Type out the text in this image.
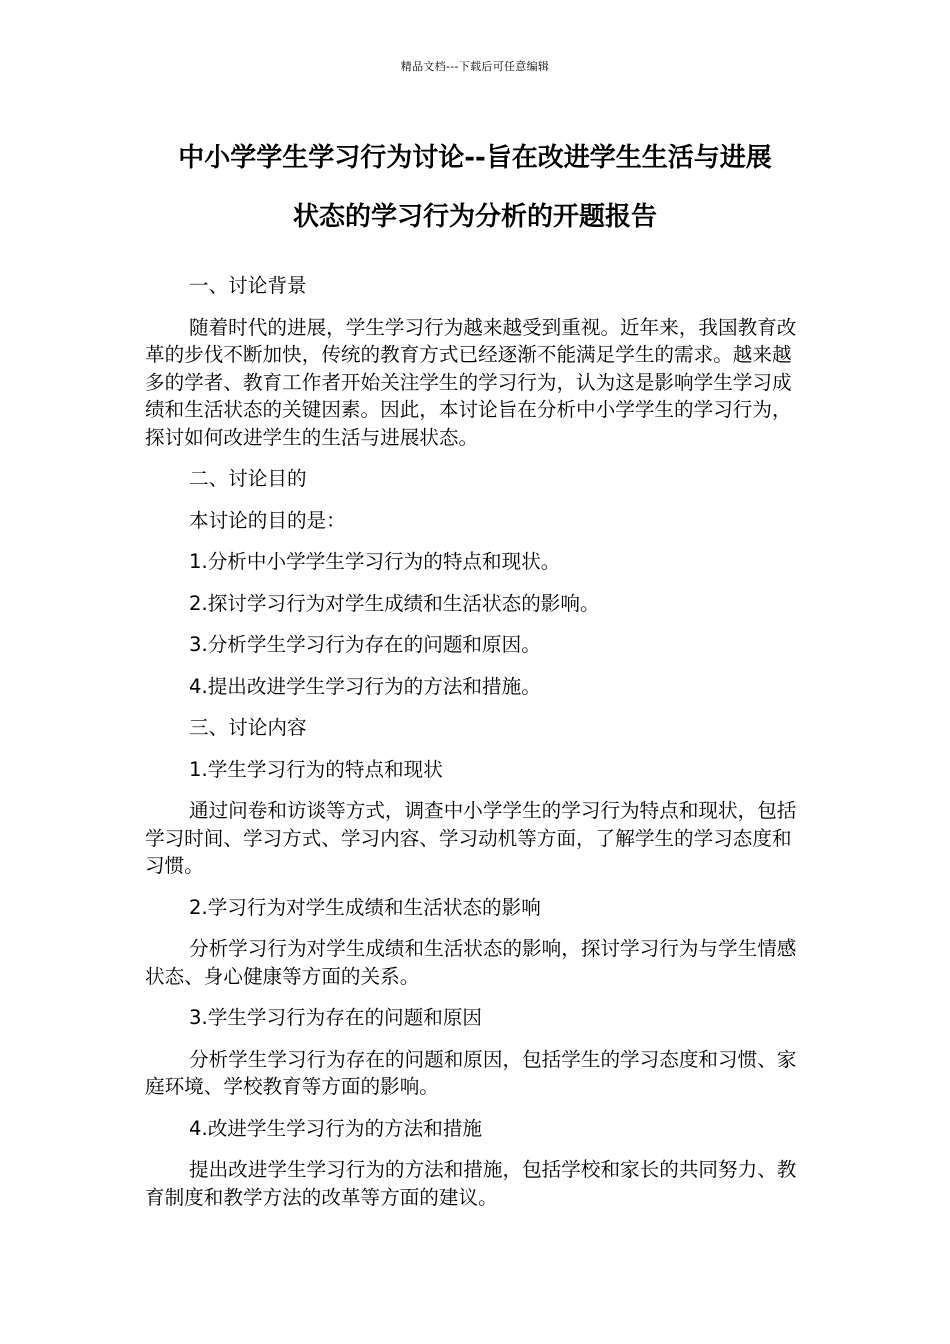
精品文档---下载后可任意编辑
中小学学生学习行为讨论--旨在改进学生生活与进展
状态的学习行为分析的开题报告

一、讨论背景

随着时代的进展，学生学习行为越来越受到重视。近年来，我国教育改革的步伐不断加快，传统的教育方式已经逐渐不能满足学生的需求。越来越多的学者、教育工作者开始关注学生的学习行为，认为这是影响学生学习成绩和生活状态的关键因素。因此，本讨论旨在分析中小学学生的学习行为，探讨如何改进学生的生活与进展状态。

二、讨论目的

本讨论的目的是：

1.分析中小学学生学习行为的特点和现状。

2.探讨学习行为对学生成绩和生活状态的影响。

3.分析学生学习行为存在的问题和原因。

4.提出改进学生学习行为的方法和措施。

三、讨论内容

1.学生学习行为的特点和现状

通过问卷和访谈等方式，调查中小学学生的学习行为特点和现状，包括学习时间、学习方式、学习内容、学习动机等方面，了解学生的学习态度和习惯。

2.学习行为对学生成绩和生活状态的影响

分析学习行为对学生成绩和生活状态的影响，探讨学习行为与学生情感状态、身心健康等方面的关系。

3.学生学习行为存在的问题和原因

分析学生学习行为存在的问题和原因，包括学生的学习态度和习惯、家庭环境、学校教育等方面的影响。

4.改进学生学习行为的方法和措施

提出改进学生学习行为的方法和措施，包括学校和家长的共同努力、教育制度和教学方法的改革等方面的建议。
